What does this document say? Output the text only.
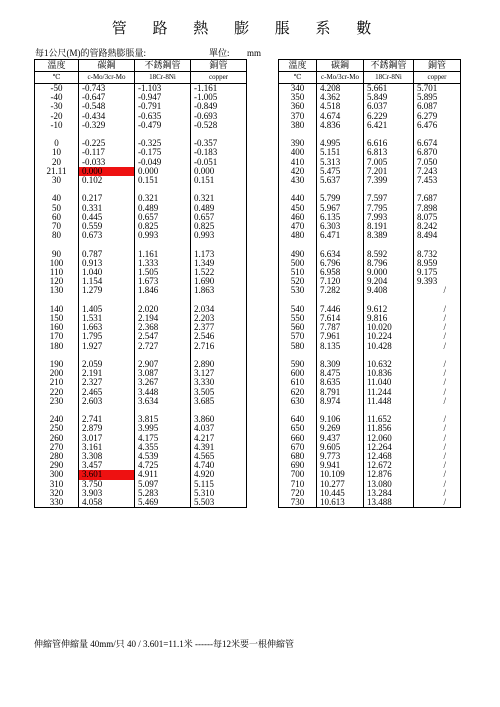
管 路 熱 膨 脹 系 數
每1公尺(M)的管路熱膨脹量:	單位: mm
溫度	碳鋼	不銹鋼管	銅管
℃	c-Mo/3cr-Mo	18Cr-8Ni	copper
-50	-0.743	-1.103	-1.161
-40	-0.647	-0.947	-1.005
-30	-0.548	-0.791	-0.849
-20	-0.434	-0.635	-0.693
-10	-0.329	-0.479	-0.528

0	-0.225	-0.325	-0.357
10	-0.117	-0.175	-0.183
20	-0.033	-0.049	-0.051
21.11	0.000	0.000	0.000
30	0.102	0.151	0.151

40	0.217	0.321	0.321
50	0.331	0.489	0.489
60	0.445	0.657	0.657
70	0.559	0.825	0.825
80	0.673	0.993	0.993

90	0.787	1.161	1.173
100	0.913	1.333	1.349
110	1.040	1.505	1.522
120	1.154	1.673	1.690
130	1.279	1.846	1.863

140	1.405	2.020	2.034
150	1.531	2.194	2.203
160	1.663	2.368	2.377
170	1.795	2.547	2.546
180	1.927	2.727	2.716

190	2.059	2.907	2.890
200	2.191	3.087	3.127
210	2.327	3.267	3.330
220	2.465	3.448	3.505
230	2.603	3.634	3.685

240	2.741	3.815	3.860
250	2.879	3.995	4.037
260	3.017	4.175	4.217
270	3.161	4.355	4.391
280	3.308	4.539	4.565
290	3.457	4.725	4.740
300	3.601	4.911	4.920
310	3.750	5.097	5.115
320	3.903	5.283	5.310
330	4.058	5.469	5.503
溫度	碳鋼	不銹鋼管	銅管
℃	c-Mo/3cr-Mo	18Cr-8Ni	copper
340	4.208	5.661	5.701
350	4.362	5.849	5.895
360	4.518	6.037	6.087
370	4.674	6.229	6.279
380	4.836	6.421	6.476

390	4.995	6.616	6.674
400	5.151	6.813	6.870
410	5.313	7.005	7.050
420	5.475	7.201	7.243
430	5.637	7.399	7.453

440	5.799	7.597	7.687
450	5.967	7.795	7.898
460	6.135	7.993	8.075
470	6.303	8.191	8.242
480	6.471	8.389	8.494

490	6.634	8.592	8.732
500	6.796	8.796	8.959
510	6.958	9.000	9.175
520	7.120	9.204	9.393
530	7.282	9.408	/

540	7.446	9.612	/
550	7.614	9.816	/
560	7.787	10.020	/
570	7.961	10.224	/
580	8.135	10.428	/

590	8.309	10.632	/
600	8.475	10.836	/
610	8.635	11.040	/
620	8.791	11.244	/
630	8.974	11.448	/

640	9.106	11.652	/
650	9.269	11.856	/
660	9.437	12.060	/
670	9.605	12.264	/
680	9.773	12.468	/
690	9.941	12.672	/
700	10.109	12.876	/
710	10.277	13.080	/
720	10.445	13.284	/
730	10.613	13.488	/
伸縮管伸縮量 40mm/只 40 / 3.601=11.1米 ------每12米要一根伸縮管
